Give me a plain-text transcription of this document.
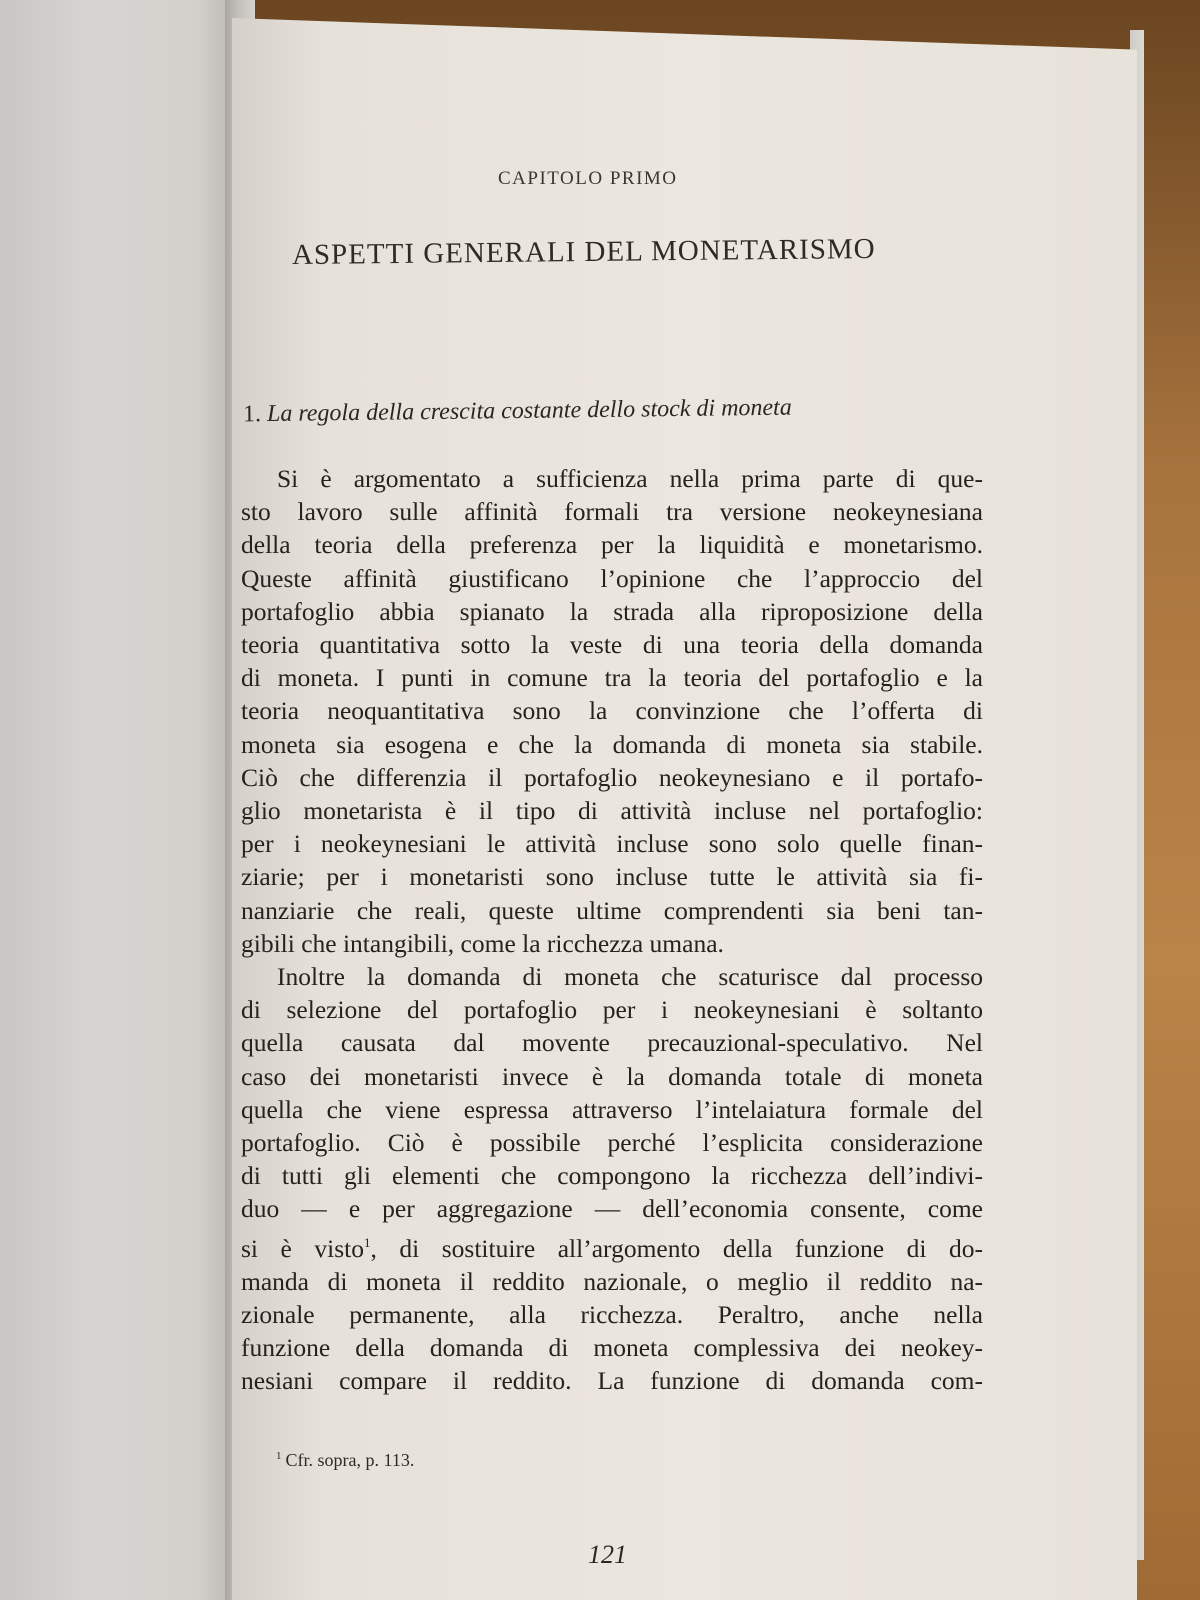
CAPITOLO PRIMO
ASPETTI GENERALI DEL MONETARISMO
1. La regola della crescita costante dello stock di moneta
Si è argomentato a sufficienza nella prima parte di que-
sto lavoro sulle affinità formali tra versione neokeynesiana
della teoria della preferenza per la liquidità e monetarismo.
Queste affinità giustificano l’opinione che l’approccio del
portafoglio abbia spianato la strada alla riproposizione della
teoria quantitativa sotto la veste di una teoria della domanda
di moneta. I punti in comune tra la teoria del portafoglio e la
teoria neoquantitativa sono la convinzione che l’offerta di
moneta sia esogena e che la domanda di moneta sia stabile.
Ciò che differenzia il portafoglio neokeynesiano e il portafo-
glio monetarista è il tipo di attività incluse nel portafoglio:
per i neokeynesiani le attività incluse sono solo quelle finan-
ziarie; per i monetaristi sono incluse tutte le attività sia fi-
nanziarie che reali, queste ultime comprendenti sia beni tan-
gibili che intangibili, come la ricchezza umana.
Inoltre la domanda di moneta che scaturisce dal processo
di selezione del portafoglio per i neokeynesiani è soltanto
quella causata dal movente precauzional-speculativo. Nel
caso dei monetaristi invece è la domanda totale di moneta
quella che viene espressa attraverso l’intelaiatura formale del
portafoglio. Ciò è possibile perché l’esplicita considerazione
di tutti gli elementi che compongono la ricchezza dell’indivi-
duo — e per aggregazione — dell’economia consente, come
si è visto$^1$, di sostituire all’argomento della funzione di do-
manda di moneta il reddito nazionale, o meglio il reddito na-
zionale permanente, alla ricchezza. Peraltro, anche nella
funzione della domanda di moneta complessiva dei neokey-
nesiani compare il reddito. La funzione di domanda com-
$^1$ Cfr. sopra, p. 113.
121
